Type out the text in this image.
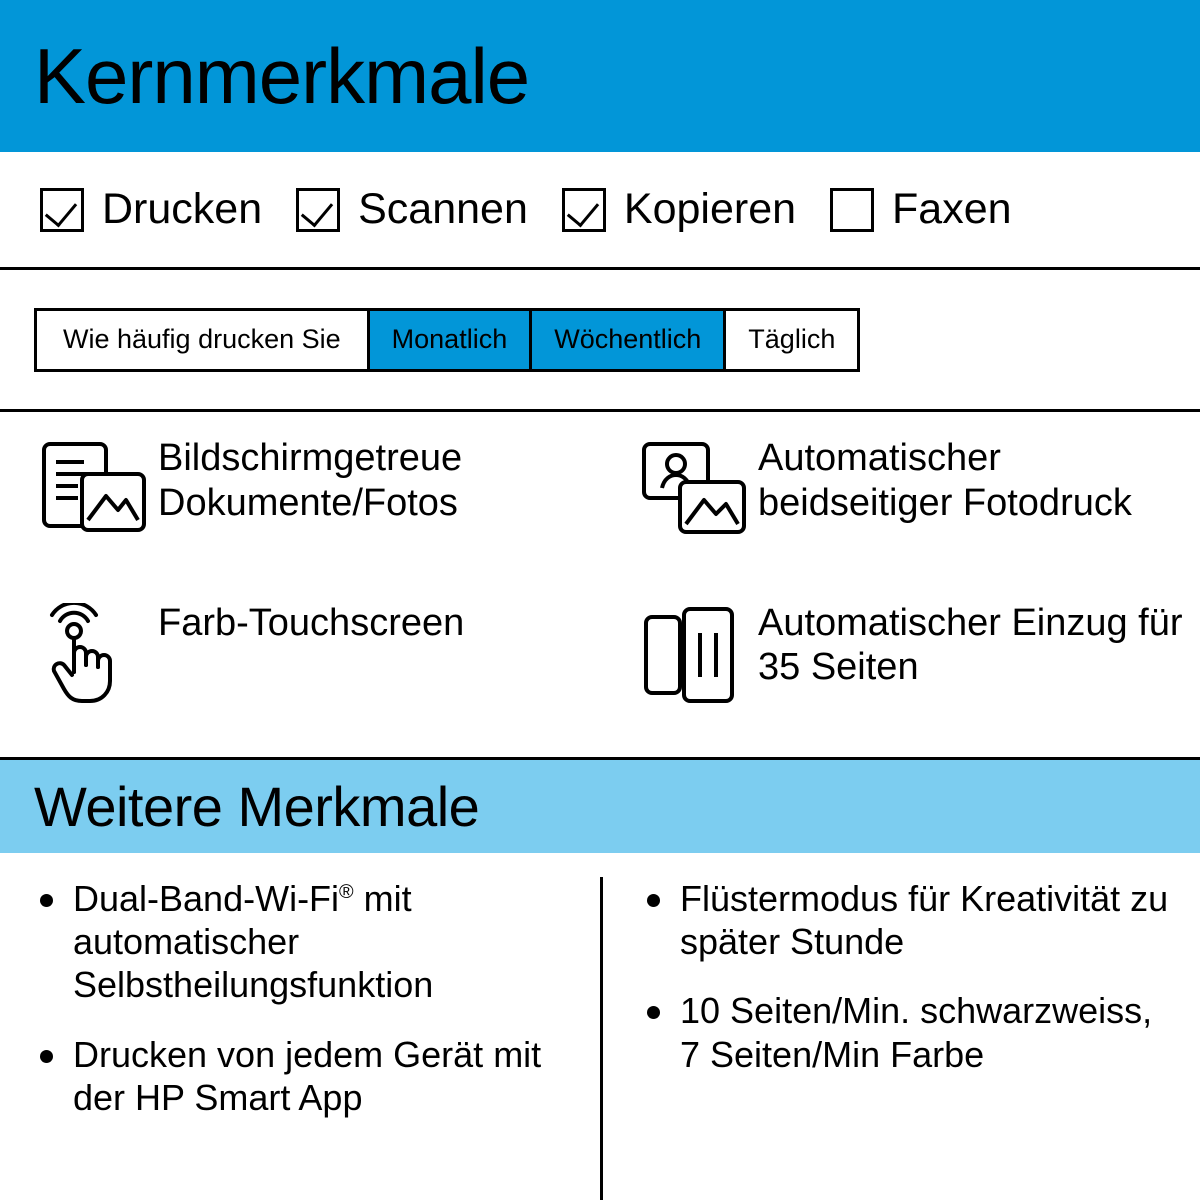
Kernmerkmale
Drucken Scannen Kopieren Faxen
Wie häufig drucken Sie	Monatlich	Wöchentlich	Täglich
Bildschirmgetreue Dokumente/Fotos
Automatischer beidseitiger Fotodruck
Farb-Touchscreen	Automatischer Einzug für 35 Seiten
Weitere Merkmale
Dual-Band-Wi-Fi® mit automatischer Selbstheilungsfunktion
Drucken von jedem Gerät mit der HP Smart App
Flüstermodus für Kreativität zu später Stunde
10 Seiten/Min. schwarzweiss, 7 Seiten/Min Farbe
